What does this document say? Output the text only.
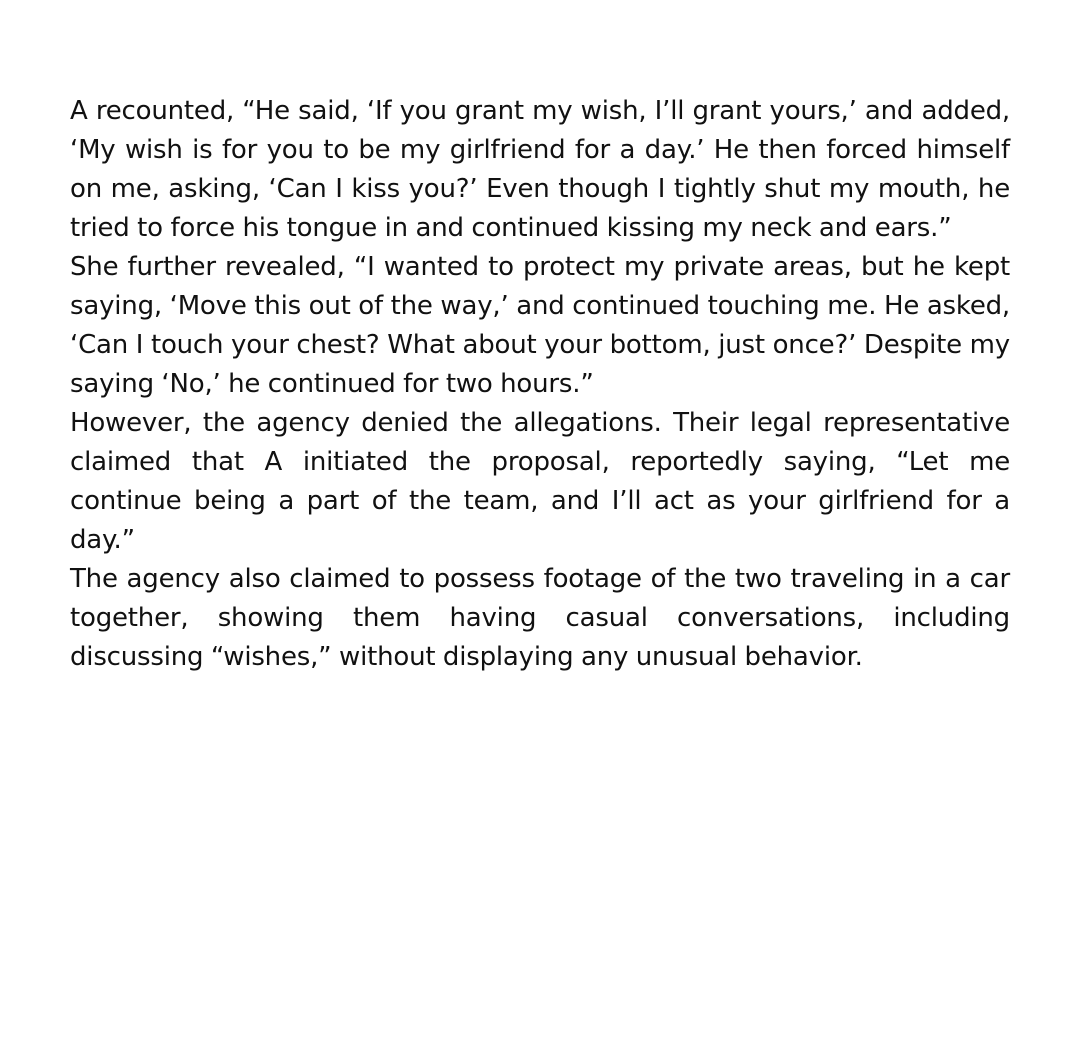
A recounted, “He said, ‘If you grant my wish, I’ll grant yours,’ and added, ‘My wish is for you to be my girlfriend for a day.’ He then forced himself on me, asking, ‘Can I kiss you?’ Even though I tightly shut my mouth, he tried to force his tongue in and continued kissing my neck and ears.”

She further revealed, “I wanted to protect my private areas, but he kept saying, ‘Move this out of the way,’ and continued touching me. He asked, ‘Can I touch your chest? What about your bottom, just once?’ Despite my saying ‘No,’ he continued for two hours.”

However, the agency denied the allegations. Their legal representative claimed that A initiated the proposal, reportedly saying, “Let me continue being a part of the team, and I’ll act as your girlfriend for a day.”

The agency also claimed to possess footage of the two traveling in a car together, showing them having casual conversations, including discussing “wishes,” without displaying any unusual behavior.
